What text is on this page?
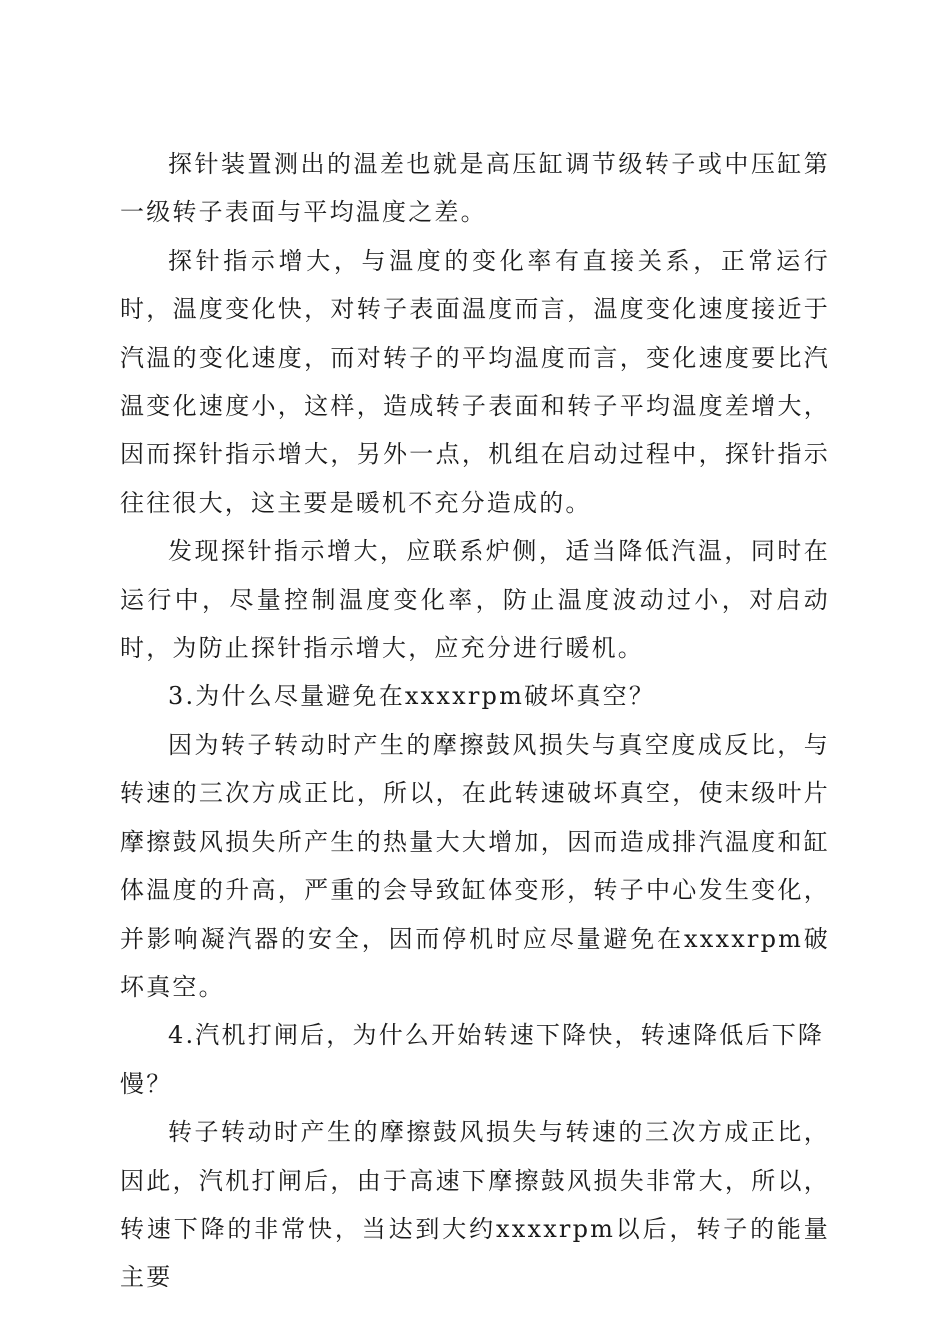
探针装置测出的温差也就是高压缸调节级转子或中压缸第一级转子表面与平均温度之差。

探针指示增大，与温度的变化率有直接关系，正常运行时，温度变化快，对转子表面温度而言，温度变化速度接近于汽温的变化速度，而对转子的平均温度而言，变化速度要比汽温变化速度小，这样，造成转子表面和转子平均温度差增大，因而探针指示增大，另外一点，机组在启动过程中，探针指示往往很大，这主要是暖机不充分造成的。

发现探针指示增大，应联系炉侧，适当降低汽温，同时在运行中，尽量控制温度变化率，防止温度波动过小，对启动时，为防止探针指示增大，应充分进行暖机。

3.为什么尽量避免在xxxxrpm破坏真空？

因为转子转动时产生的摩擦鼓风损失与真空度成反比，与转速的三次方成正比，所以，在此转速破坏真空，使末级叶片摩擦鼓风损失所产生的热量大大增加，因而造成排汽温度和缸体温度的升高，严重的会导致缸体变形，转子中心发生变化，并影响凝汽器的安全，因而停机时应尽量避免在xxxxrpm破坏真空。

4.汽机打闸后，为什么开始转速下降快，转速降低后下降慢？

转子转动时产生的摩擦鼓风损失与转速的三次方成正比，因此，汽机打闸后，由于高速下摩擦鼓风损失非常大，所以，转速下降的非常快，当达到大约xxxxrpm以后，转子的能量主要
